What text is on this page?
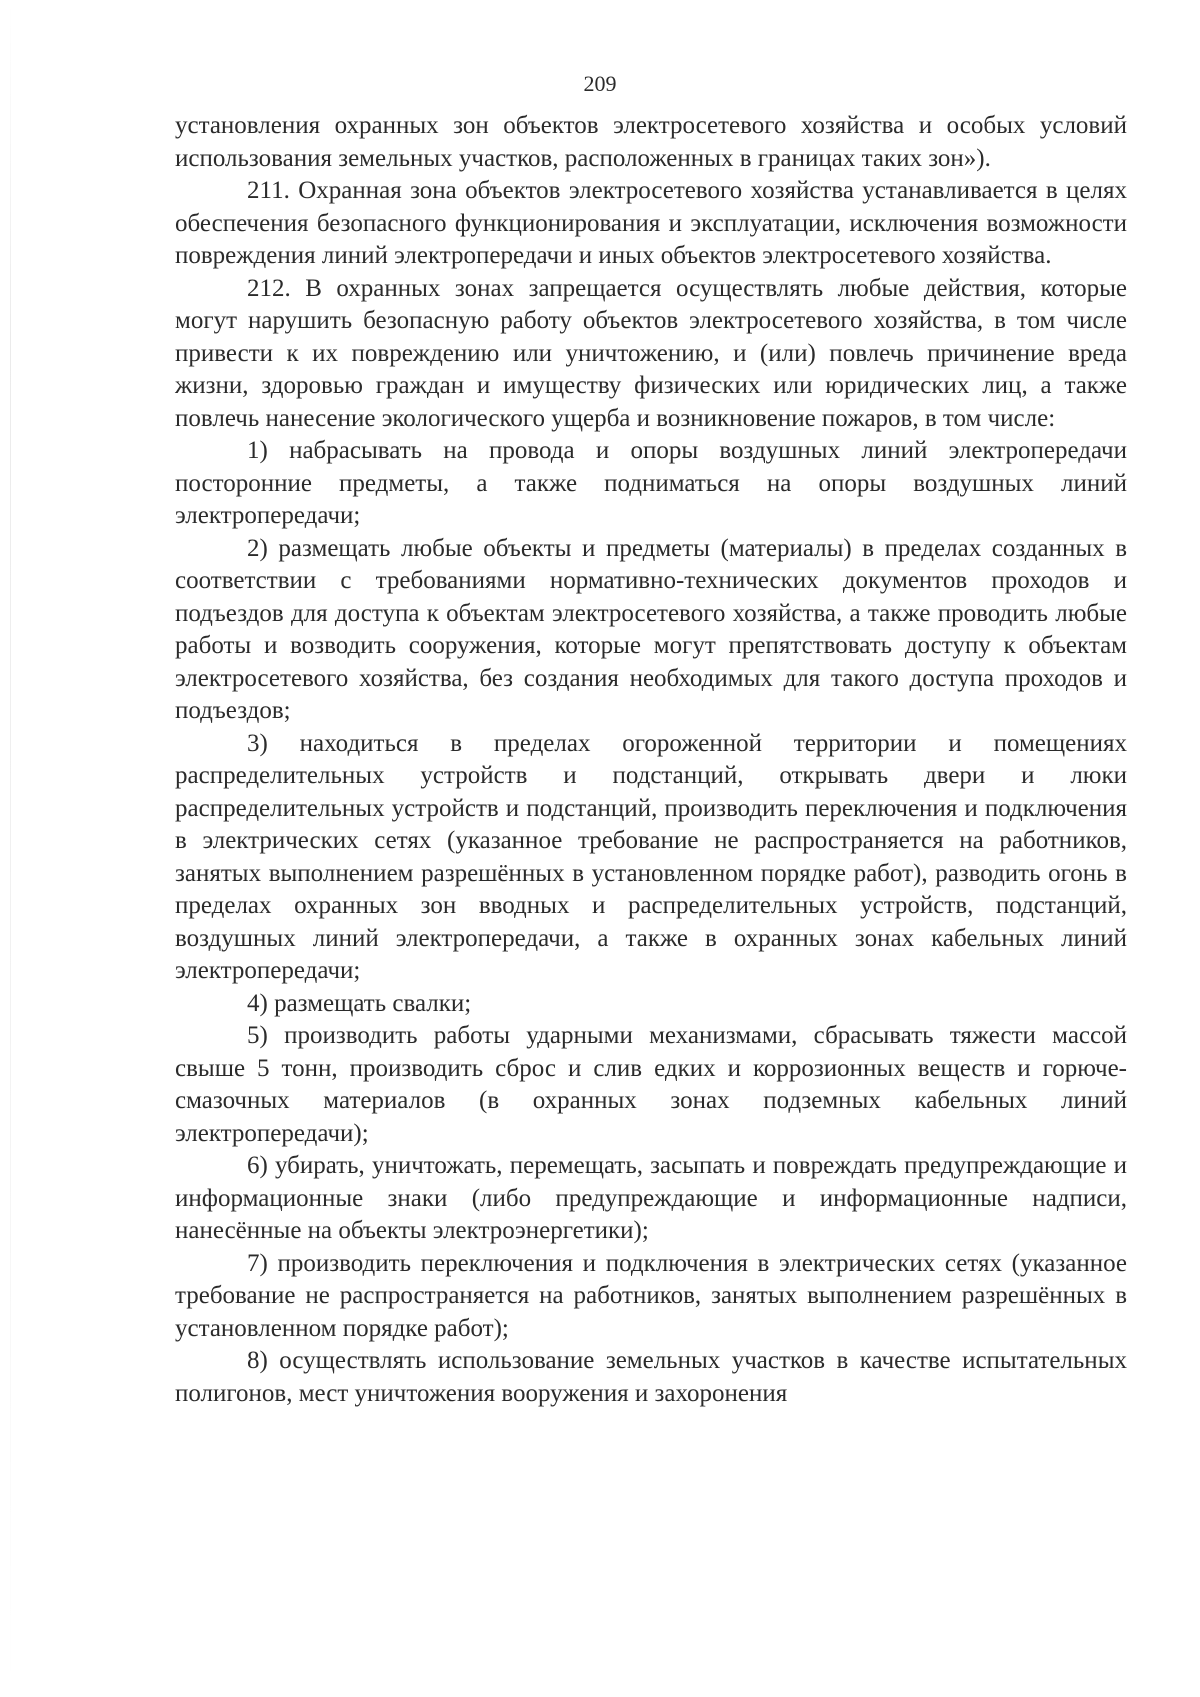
209

установления охранных зон объектов электросетевого хозяйства и особых условий использования земельных участков, расположенных в границах таких зон»).

211. Охранная зона объектов электросетевого хозяйства устанавливается в целях обеспечения безопасного функционирования и эксплуатации, исключения возможности повреждения линий электропередачи и иных объектов электросетевого хозяйства.

212. В охранных зонах запрещается осуществлять любые действия, которые могут нарушить безопасную работу объектов электросетевого хозяйства, в том числе привести к их повреждению или уничтожению, и (или) повлечь причинение вреда жизни, здоровью граждан и имуществу физических или юридических лиц, а также повлечь нанесение экологического ущерба и возникновение пожаров, в том числе:

1) набрасывать на провода и опоры воздушных линий электропередачи посторонние предметы, а также подниматься на опоры воздушных линий электропередачи;

2) размещать любые объекты и предметы (материалы) в пределах созданных в соответствии с требованиями нормативно-технических документов проходов и подъездов для доступа к объектам электросетевого хозяйства, а также проводить любые работы и возводить сооружения, которые могут препятствовать доступу к объектам электросетевого хозяйства, без создания необходимых для такого доступа проходов и подъездов;

3) находиться в пределах огороженной территории и помещениях распределительных устройств и подстанций, открывать двери и люки распределительных устройств и подстанций, производить переключения и подключения в электрических сетях (указанное требование не распространяется на работников, занятых выполнением разрешённых в установленном порядке работ), разводить огонь в пределах охранных зон вводных и распределительных устройств, подстанций, воздушных линий электропередачи, а также в охранных зонах кабельных линий электропередачи;

4) размещать свалки;

5) производить работы ударными механизмами, сбрасывать тяжести массой свыше 5 тонн, производить сброс и слив едких и коррозионных веществ и горюче-смазочных материалов (в охранных зонах подземных кабельных линий электропередачи);

6) убирать, уничтожать, перемещать, засыпать и повреждать предупреждающие и информационные знаки (либо предупреждающие и информационные надписи, нанесённые на объекты электроэнергетики);

7) производить переключения и подключения в электрических сетях (указанное требование не распространяется на работников, занятых выполнением разрешённых в установленном порядке работ);

8) осуществлять использование земельных участков в качестве испытательных полигонов, мест уничтожения вооружения и захоронения
